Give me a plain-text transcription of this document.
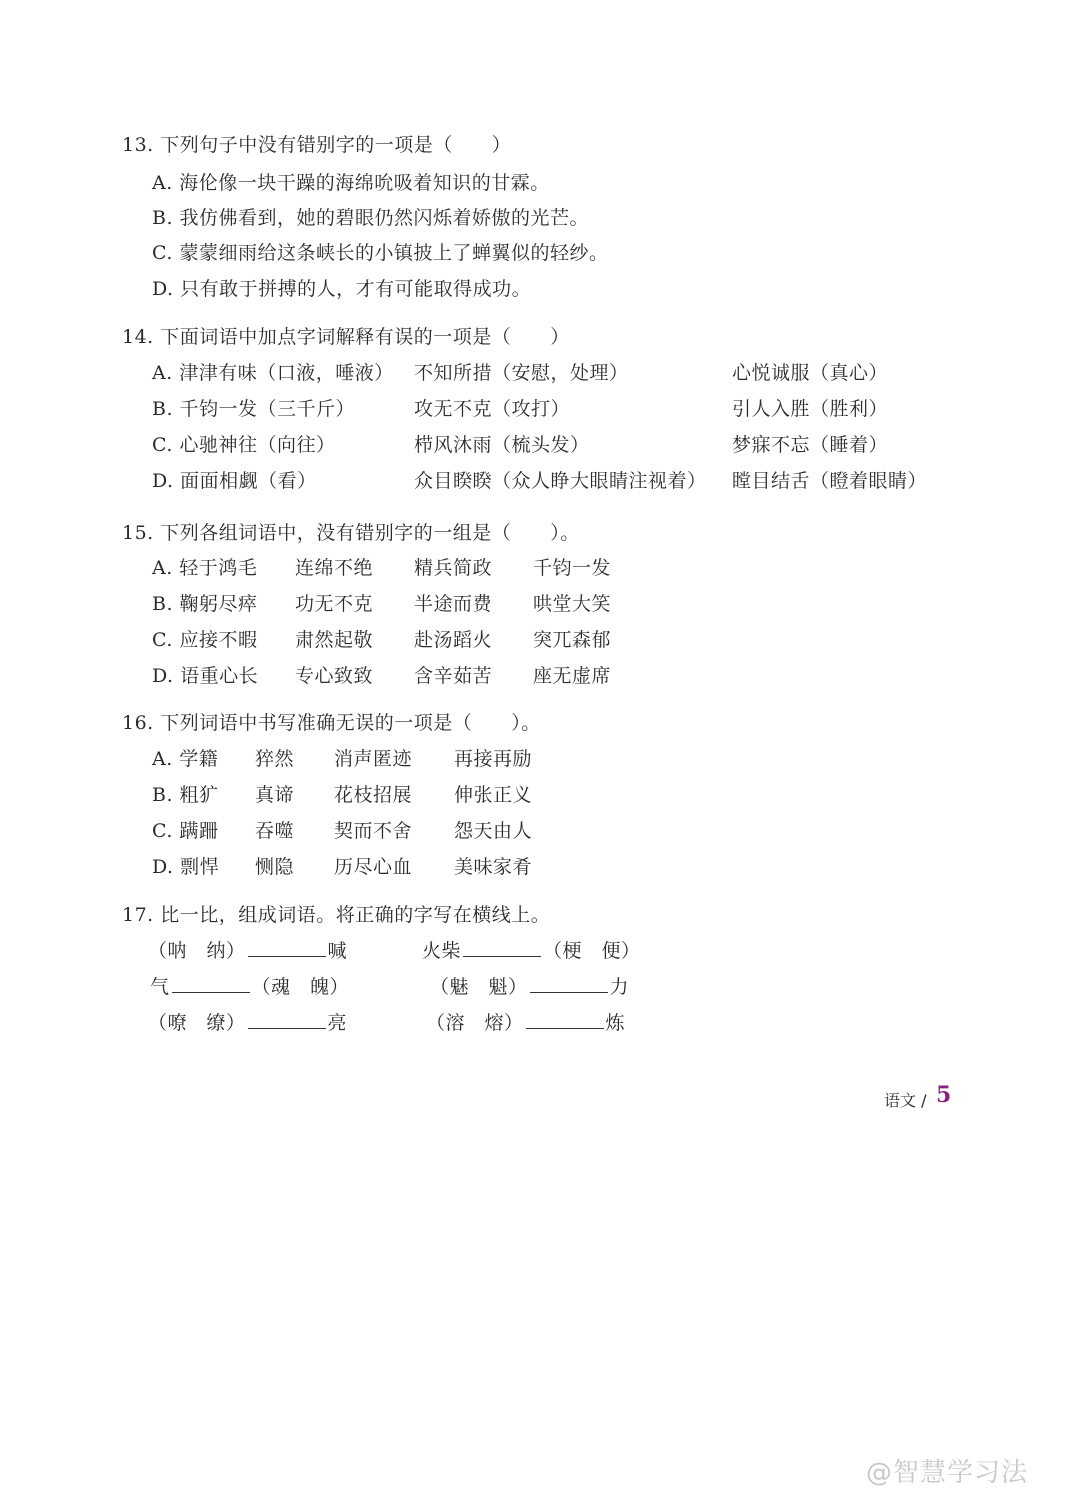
13. 下列句子中没有错别字的一项是（　　）
A. 海伦像一块干躁的海绵吮吸着知识的甘霖。
B. 我仿佛看到，她的碧眼仍然闪烁着娇傲的光芒。
C. 蒙蒙细雨给这条峡长的小镇披上了蝉翼似的轻纱。
D. 只有敢于拼搏的人，才有可能取得成功。
14. 下面词语中加点字词解释有误的一项是（　　）
A. 津津有味（口液，唾液） 不知所措（安慰，处理）	心悦诚服（真心）
B. 千钧一发（三千斤）	攻无不克（攻打）	引人入胜（胜利）
C. 心驰神往（向往）	栉风沐雨（梳头发）	梦寐不忘（睡着）
D. 面面相觑（看）	众目睽睽（众人睁大眼睛注视着） 瞠目结舌（瞪着眼睛）
15. 下列各组词语中，没有错别字的一组是（　　）。
A. 轻于鸿毛 连绵不绝 精兵简政 千钧一发
B. 鞠躬尽瘁 功无不克 半途而费 哄堂大笑
C. 应接不暇 肃然起敬 赴汤蹈火 突兀森郁
D. 语重心长 专心致致 含辛茹苦 座无虚席
16. 下列词语中书写准确无误的一项是（　　）。
A. 学籍 猝然 消声匿迹 再接再励
B. 粗犷 真谛 花枝招展 伸张正义
C. 蹒跚 吞噬 契而不舍 怨天由人
D. 剽悍 恻隐 历尽心血 美味家肴
17. 比一比，组成词语。将正确的字写在横线上。
（呐　纳）	喊	火柴	（梗　便）
气	（魂　魄）	（魅　魁）	力
（嘹　缭）	亮	（溶　熔）	炼
语文 / 5
@智慧学习法
